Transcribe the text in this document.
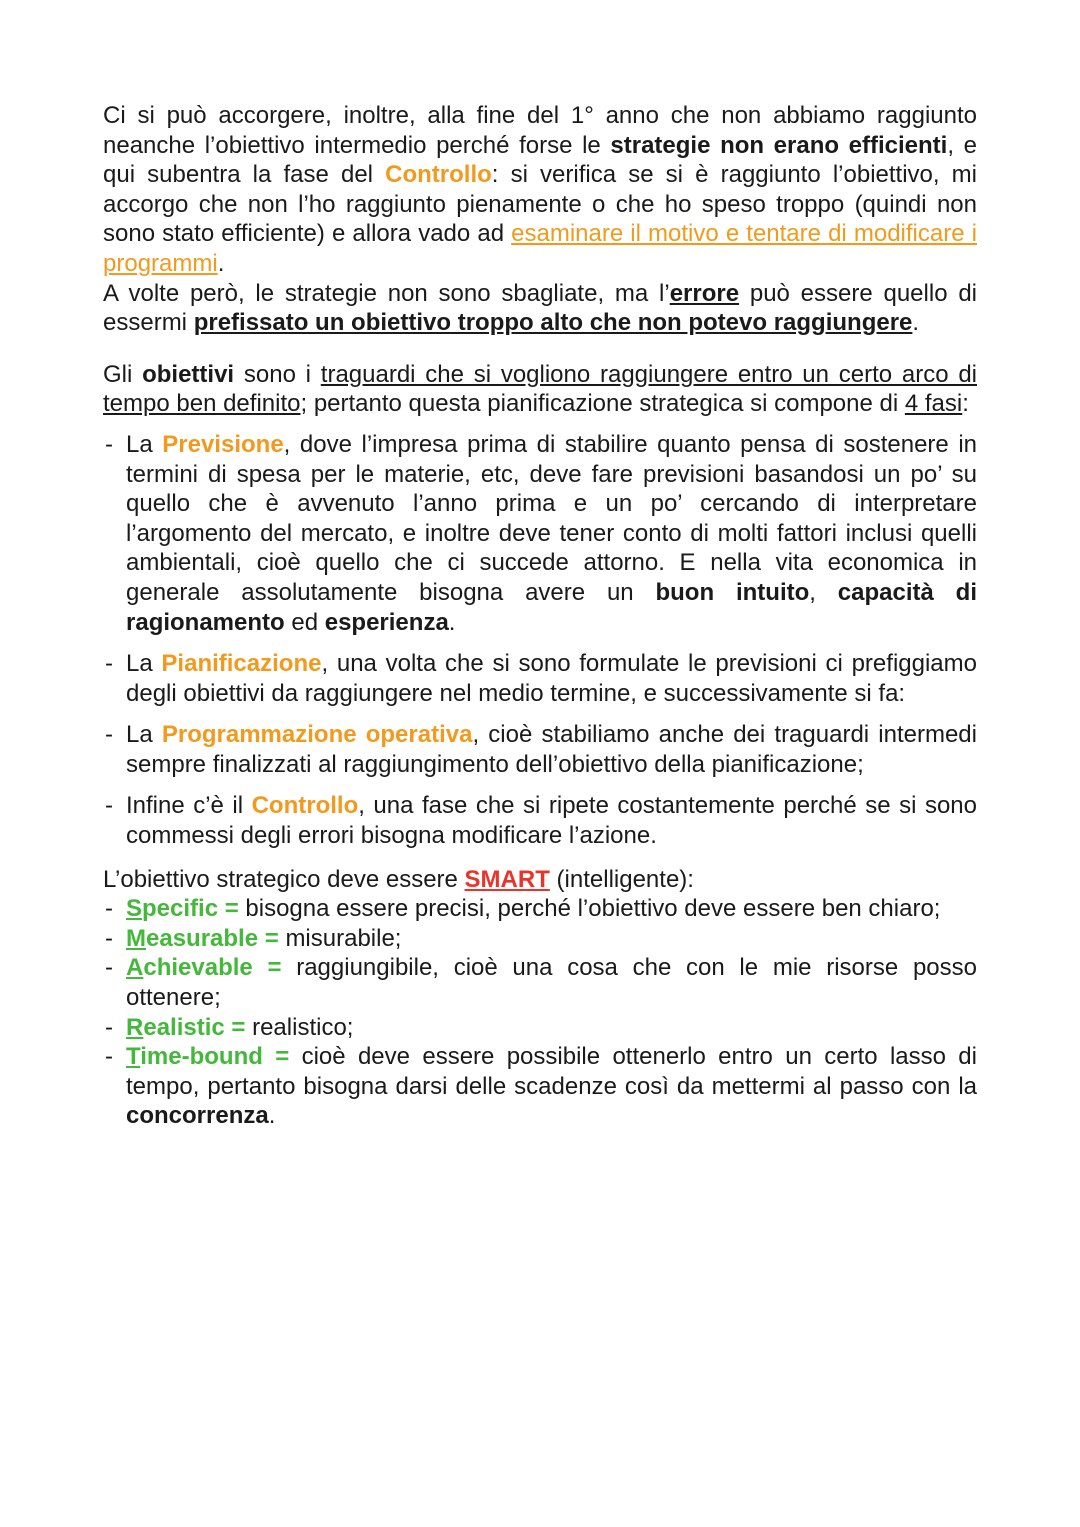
Ci si può accorgere, inoltre, alla fine del 1° anno che non abbiamo raggiunto neanche l’obiettivo intermedio perché forse le strategie non erano efficienti, e qui subentra la fase del Controllo: si verifica se si è raggiunto l’obiettivo, mi accorgo che non l’ho raggiunto pienamente o che ho speso troppo (quindi non sono stato efficiente) e allora vado ad esaminare il motivo e tentare di modificare i programmi.

A volte però, le strategie non sono sbagliate, ma l’errore può essere quello di essermi prefissato un obiettivo troppo alto che non potevo raggiungere.

Gli obiettivi sono i traguardi che si vogliono raggiungere entro un certo arco di tempo ben definito; pertanto questa pianificazione strategica si compone di 4 fasi:

- La Previsione, dove l’impresa prima di stabilire quanto pensa di sostenere in termini di spesa per le materie, etc, deve fare previsioni basandosi un po’ su quello che è avvenuto l’anno prima e un po’ cercando di interpretare l’argomento del mercato, e inoltre deve tener conto di molti fattori inclusi quelli ambientali, cioè quello che ci succede attorno. E nella vita economica in generale assolutamente bisogna avere un buon intuito, capacità di ragionamento ed esperienza.
- La Pianificazione, una volta che si sono formulate le previsioni ci prefiggiamo degli obiettivi da raggiungere nel medio termine, e successivamente si fa:
- La Programmazione operativa, cioè stabiliamo anche dei traguardi intermedi sempre finalizzati al raggiungimento dell’obiettivo della pianificazione;
- Infine c’è il Controllo, una fase che si ripete costantemente perché se si sono commessi degli errori bisogna modificare l’azione.

L’obiettivo strategico deve essere SMART (intelligente):

- Specific = bisogna essere precisi, perché l’obiettivo deve essere ben chiaro;
- Measurable = misurabile;
- Achievable = raggiungibile, cioè una cosa che con le mie risorse posso ottenere;
- Realistic = realistico;
- Time-bound = cioè deve essere possibile ottenerlo entro un certo lasso di tempo, pertanto bisogna darsi delle scadenze così da mettermi al passo con la concorrenza.
